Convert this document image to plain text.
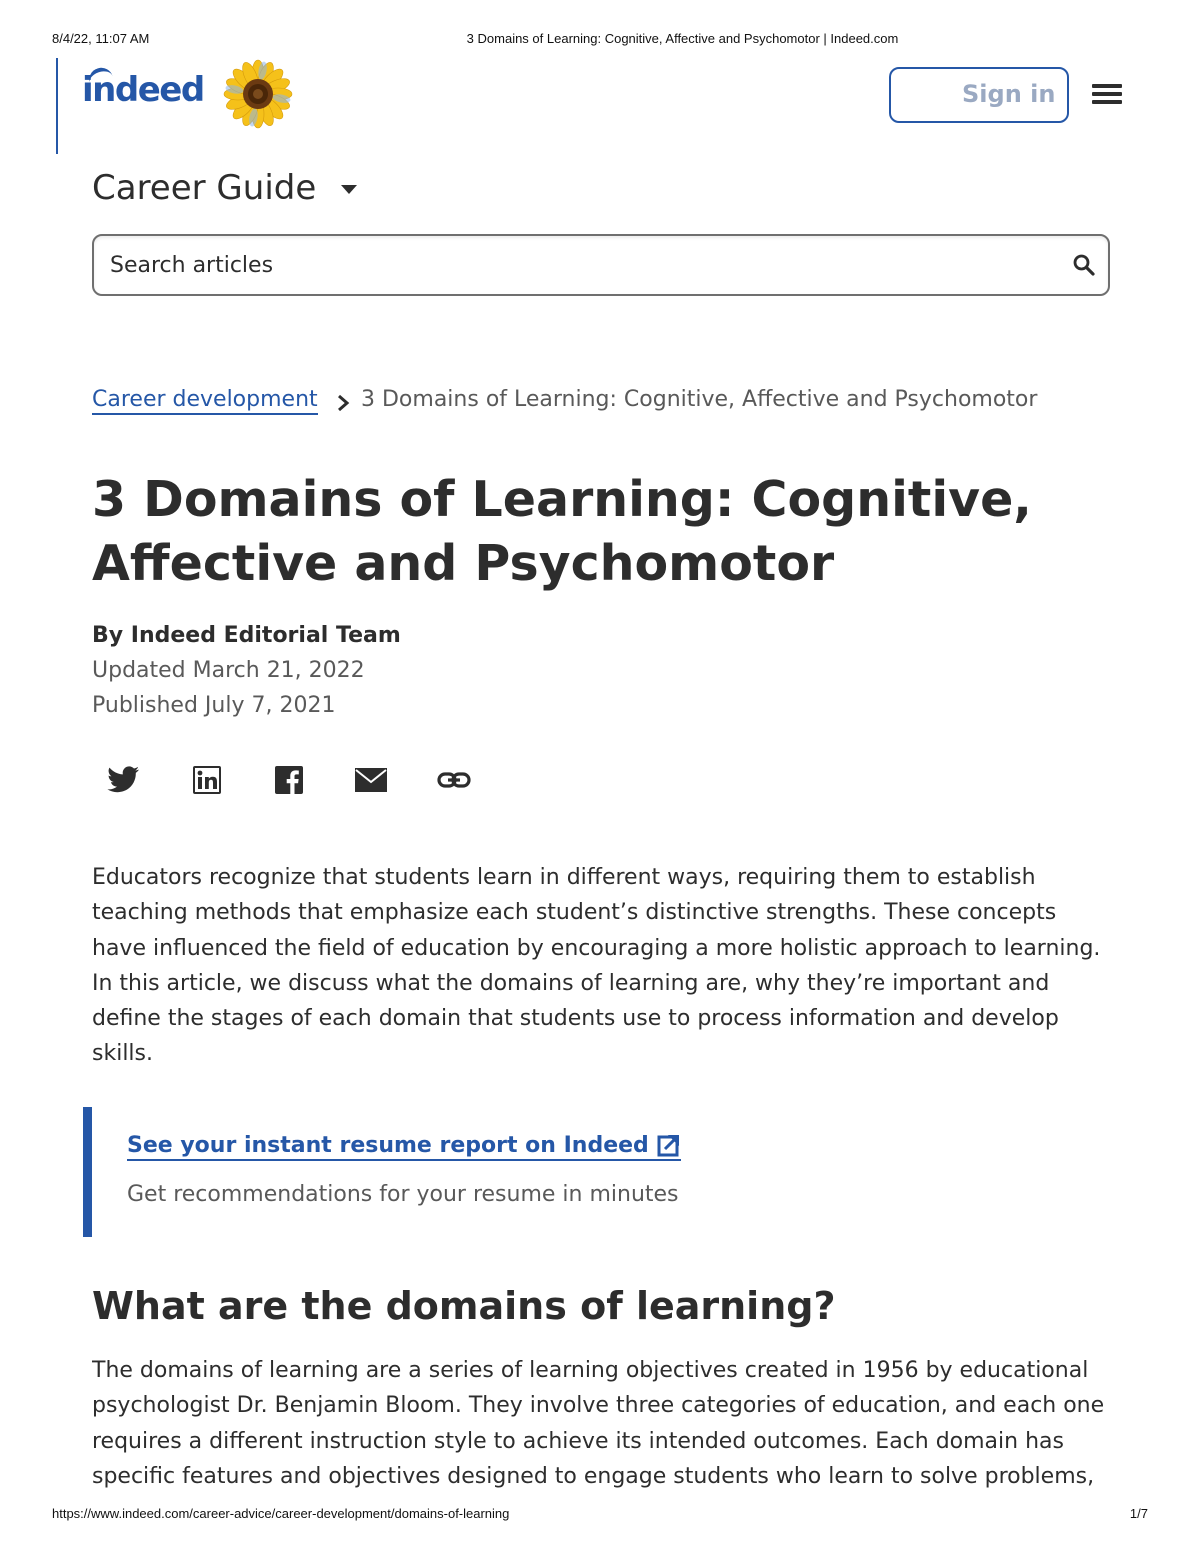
8/4/22, 11:07 AM	3 Domains of Learning: Cognitive, Affective and Psychomotor | Indeed.com
indeed	Sign in
Career Guide
Search articles
Career development 3 Domains of Learning: Cognitive, Affective and Psychomotor
3 Domains of Learning: Cognitive, Affective and Psychomotor
By Indeed Editorial Team
Updated March 21, 2022
Published July 7, 2021

Educators recognize that students learn in different ways, requiring them to establish teaching methods that emphasize each student’s distinctive strengths. These concepts have influenced the field of education by encouraging a more holistic approach to learning. In this article, we discuss what the domains of learning are, why they’re important and define the stages of each domain that students use to process information and develop skills.

See your instant resume report on Indeed
Get recommendations for your resume in minutes
What are the domains of learning?

The domains of learning are a series of learning objectives created in 1956 by educational psychologist Dr. Benjamin Bloom. They involve three categories of education, and each one requires a different instruction style to achieve its intended outcomes. Each domain has specific features and objectives designed to engage students who learn to solve problems,

https://www.indeed.com/career-advice/career-development/domains-of-learning	1/7
